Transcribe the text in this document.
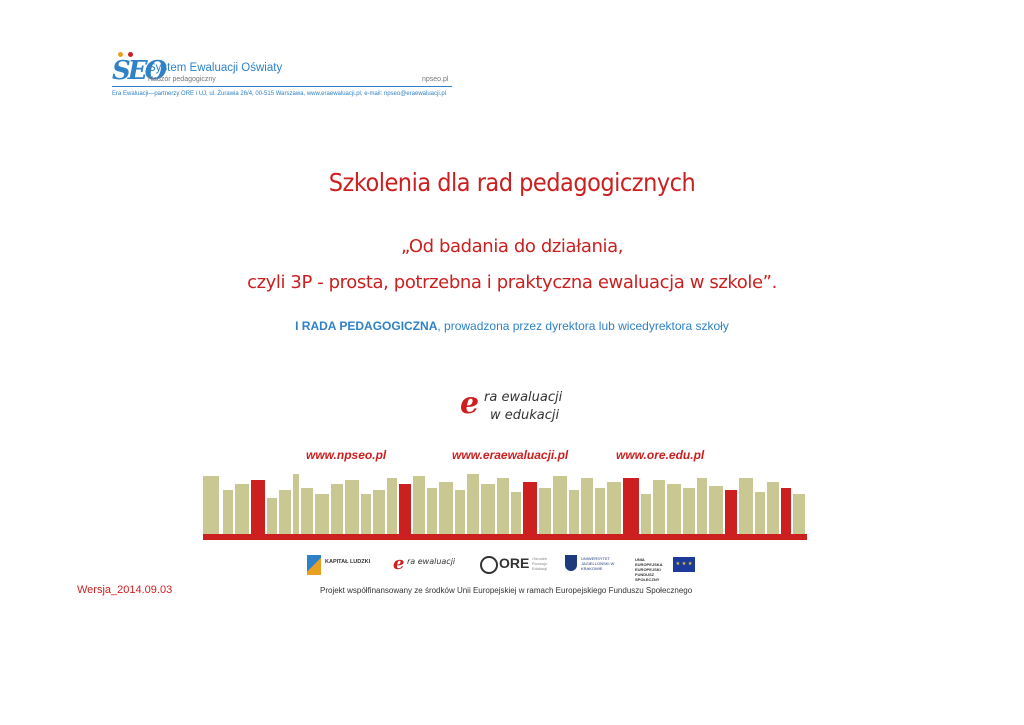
SEO
System Ewaluacji Oświaty
Nadzór pedagogiczny	npseo.pl
Era Ewaluacji—partnerzy ORE i UJ, ul. Żurawia 26/4, 00-515 Warszawa, www.eraewaluacji.pl, e-mail: npseo@eraewaluacji.pl
Szkolenia dla rad pedagogicznych
„Od badania do działania,
czyli 3P - prosta, potrzebna i praktyczna ewaluacja w szkole”.
I RADA PEDAGOGICZNA, prowadzona przez dyrektora lub wicedyrektora szkoły
e ra ewaluacji
w edukacji
www.npseo.pl	www.eraewaluacji.pl	www.ore.edu.pl
KAPITAŁ LUDZKI e ra ewaluacji	ORE Ośrodek Rozwoju Edukacji
UNIWERSYTET JAGIELLOŃSKI W KRAKOWIE
UNIA EUROPEJSKA EUROPEJSKI FUNDUSZ SPOŁECZNY
★ ★ ★
Wersja_2014.09.03	Projekt współfinansowany ze środków Unii Europejskiej w ramach Europejskiego Funduszu Społecznego
